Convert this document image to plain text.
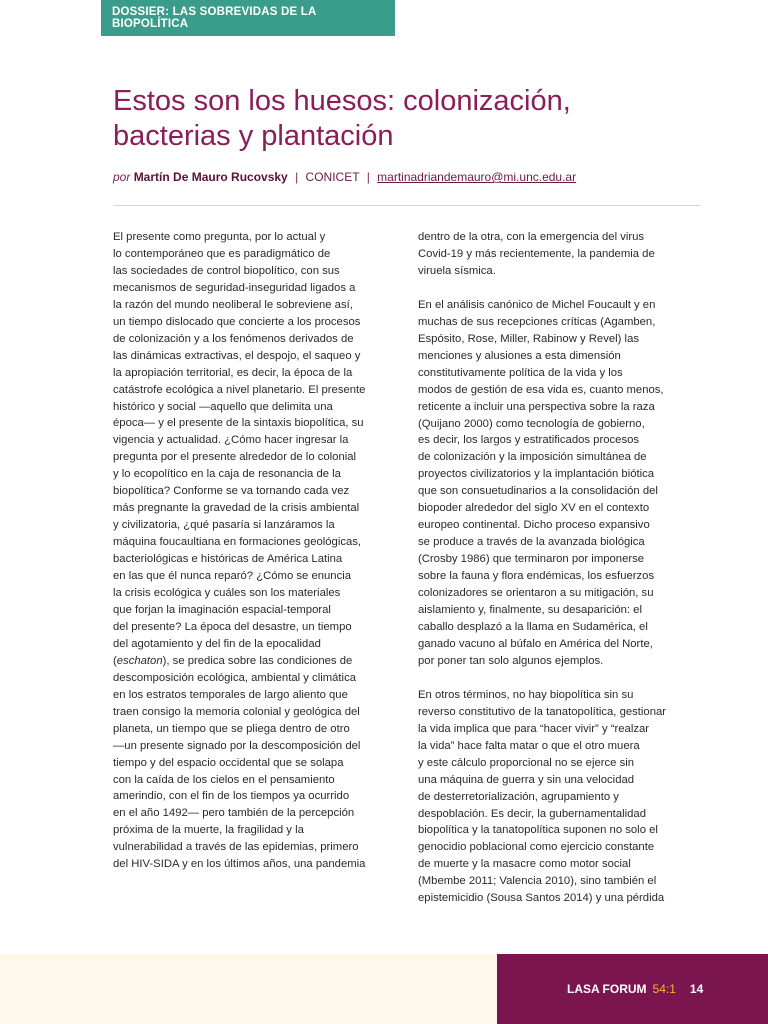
DOSSIER: LAS SOBREVIDAS DE LA BIOPOLÍTICA
Estos son los huesos: colonización,
bacterias y plantación
por Martín De Mauro Rucovsky | CONICET | martinadriandemauro@mi.unc.edu.ar

El presente como pregunta, por lo actual y
lo contemporáneo que es paradigmático de
las sociedades de control biopolítico, con sus
mecanismos de seguridad-inseguridad ligados a
la razón del mundo neoliberal le sobreviene así,
un tiempo dislocado que concierte a los procesos
de colonización y a los fenómenos derivados de
las dinámicas extractivas, el despojo, el saqueo y
la apropiación territorial, es decir, la época de la
catástrofe ecológica a nivel planetario. El presente
histórico y social —aquello que delimita una
época— y el presente de la sintaxis biopolítica, su
vigencia y actualidad. ¿Cómo hacer ingresar la
pregunta por el presente alrededor de lo colonial
y lo ecopolítico en la caja de resonancia de la
biopolítica? Conforme se va tornando cada vez
más pregnante la gravedad de la crisis ambiental
y civilizatoria, ¿qué pasaría si lanzáramos la
máquina foucaultiana en formaciones geológicas,
bacteriológicas e históricas de América Latina
en las que él nunca reparó? ¿Cómo se enuncia
la crisis ecológica y cuáles son los materiales
que forjan la imaginación espacial-temporal
del presente? La época del desastre, un tiempo
del agotamiento y del fin de la epocalidad
(eschaton), se predica sobre las condiciones de
descomposición ecológica, ambiental y climática
en los estratos temporales de largo aliento que
traen consigo la memoria colonial y geológica del
planeta, un tiempo que se pliega dentro de otro
—un presente signado por la descomposición del
tiempo y del espacio occidental que se solapa
con la caída de los cielos en el pensamiento
amerindio, con el fin de los tiempos ya ocurrido
en el año 1492— pero también de la percepción
próxima de la muerte, la fragilidad y la
vulnerabilidad a través de las epidemias, primero
del HIV-SIDA y en los últimos años, una pandemia

dentro de la otra, con la emergencia del virus
Covid-19 y más recientemente, la pandemia de
viruela sísmica.

En el análisis canónico de Michel Foucault y en
muchas de sus recepciones críticas (Agamben,
Espósito, Rose, Miller, Rabinow y Revel) las
menciones y alusiones a esta dimensión
constitutivamente política de la vida y los
modos de gestión de esa vida es, cuanto menos,
reticente a incluir una perspectiva sobre la raza
(Quijano 2000) como tecnología de gobierno,
es decir, los largos y estratificados procesos
de colonización y la imposición simultánea de
proyectos civilizatorios y la implantación biótica
que son consuetudinarios a la consolidación del
biopoder alrededor del siglo XV en el contexto
europeo continental. Dicho proceso expansivo
se produce a través de la avanzada biológica
(Crosby 1986) que terminaron por imponerse
sobre la fauna y flora endémicas, los esfuerzos
colonizadores se orientaron a su mitigación, su
aislamiento y, finalmente, su desaparición: el
caballo desplazó a la llama en Sudamérica, el
ganado vacuno al búfalo en América del Norte,
por poner tan solo algunos ejemplos.

En otros términos, no hay biopolítica sin su
reverso constitutivo de la tanatopolítica, gestionar
la vida implica que para “hacer vivir” y “realzar
la vida” hace falta matar o que el otro muera
y este cálculo proporcional no se ejerce sin
una máquina de guerra y sin una velocidad
de desterretorialización, agrupamiento y
despoblación. Es decir, la gubernamentalidad
biopolítica y la tanatopolítica suponen no solo el
genocidio poblacional como ejercicio constante
de muerte y la masacre como motor social
(Mbembe 2011; Valencia 2010), sino también el
epistemicidio (Sousa Santos 2014) y una pérdida

LASA FORUM 54:1 14
